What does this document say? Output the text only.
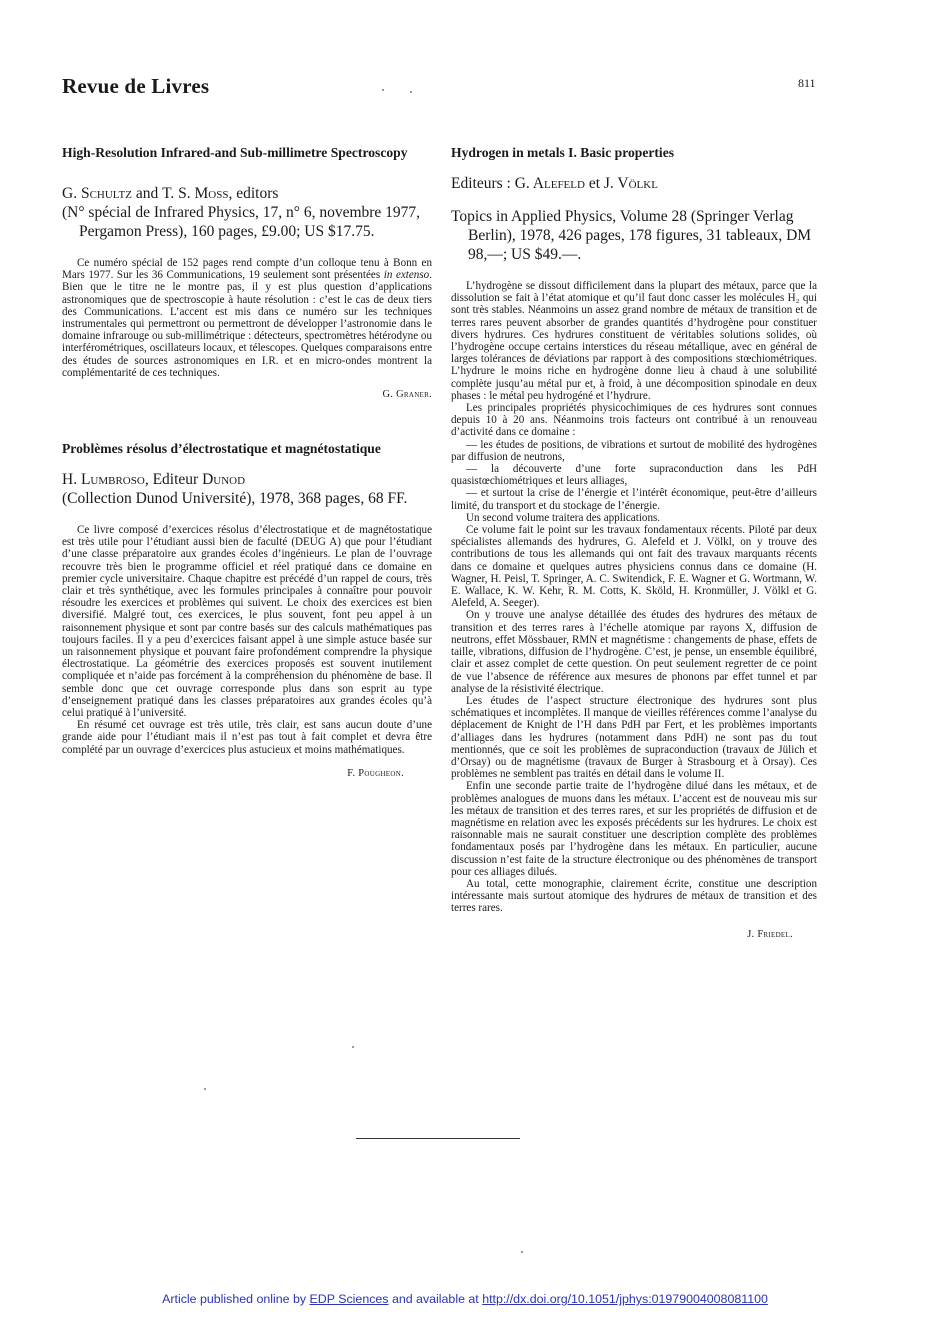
Revue de Livres	811
High-Resolution Infrared-and Sub-millimetre Spectroscopy
G. Schultz and T. S. Moss, editors
(N° spécial de Infrared Physics, 17, n° 6, novembre 1977, Pergamon Press), 160 pages, £9.00; US $17.75.

Ce numéro spécial de 152 pages rend compte d’un colloque tenu à Bonn en Mars 1977. Sur les 36 Communications, 19 seulement sont présentées in extenso. Bien que le titre ne le montre pas, il y est plus question d’applications astronomiques que de spectroscopie à haute résolution : c’est le cas de deux tiers des Communications. L’accent est mis dans ce numéro sur les techniques instrumentales qui permettront ou permettront de développer l’astronomie dans le domaine infrarouge ou sub-millimétrique : détecteurs, spectromètres hétérodyne ou interférométriques, oscillateurs locaux, et télescopes. Quelques comparaisons entre des études de sources astronomiques en I.R. et en micro-ondes montrent la complémentarité de ces techniques.

G. Graner.
Problèmes résolus d’électrostatique et magnétostatique
H. Lumbroso, Editeur Dunod
(Collection Dunod Université), 1978, 368 pages, 68 FF.

Ce livre composé d’exercices résolus d’électrostatique et de magnétostatique est très utile pour l’étudiant aussi bien de faculté (DEUG A) que pour l’étudiant d’une classe préparatoire aux grandes écoles d’ingénieurs. Le plan de l’ouvrage recouvre très bien le programme officiel et réel pratiqué dans ce domaine en premier cycle universitaire. Chaque chapitre est précédé d’un rappel de cours, très clair et très synthétique, avec les formules principales à connaître pour pouvoir résoudre les exercices et problèmes qui suivent. Le choix des exercices est bien diversifié. Malgré tout, ces exercices, le plus souvent, font peu appel à un raisonnement physique et sont par contre basés sur des calculs mathématiques pas toujours faciles. Il y a peu d’exercices faisant appel à une simple astuce basée sur un raisonnement physique et pouvant faire profondément comprendre la physique électrostatique. La géométrie des exercices proposés est souvent inutilement compliquée et n’aide pas forcément à la compréhension du phénomène de base. Il semble donc que cet ouvrage corresponde plus dans son esprit au type d’enseignement pratiqué dans les classes préparatoires aux grandes écoles qu’à celui pratiqué à l’université.

En résumé cet ouvrage est très utile, très clair, est sans aucun doute d’une grande aide pour l’étudiant mais il n’est pas tout à fait complet et devra être complété par un ouvrage d’exercices plus astucieux et moins mathématiques.

F. Pougheon.
Hydrogen in metals I. Basic properties
Editeurs : G. Alefeld et J. Völkl
Topics in Applied Physics, Volume 28 (Springer Verlag Berlin), 1978, 426 pages, 178 figures, 31 tableaux, DM 98,—; US $49.—.

L’hydrogène se dissout difficilement dans la plupart des métaux, parce que la dissolution se fait à l’état atomique et qu’il faut donc casser les molécules H₂ qui sont très stables. Néanmoins un assez grand nombre de métaux de transition et de terres rares peuvent absorber de grandes quantités d’hydrogène pour constituer divers hydrures. Ces hydrures constituent de véritables solutions solides, où l’hydrogène occupe certains interstices du réseau métallique, avec en général de larges tolérances de déviations par rapport à des compositions stœchiométriques. L’hydrure le moins riche en hydrogène donne lieu à chaud à une solubilité complète jusqu’au métal pur et, à froid, à une décomposition spinodale en deux phases : le métal peu hydrogéné et l’hydrure.

Les principales propriétés physicochimiques de ces hydrures sont connues depuis 10 à 20 ans. Néanmoins trois facteurs ont contribué à un renouveau d’activité dans ce domaine :

— les études de positions, de vibrations et surtout de mobilité des hydrogènes par diffusion de neutrons,

— la découverte d’une forte supraconduction dans les PdH quasistœchiométriques et leurs alliages,

— et surtout la crise de l’énergie et l’intérêt économique, peut-être d’ailleurs limité, du transport et du stockage de l’énergie.

Un second volume traitera des applications.

Ce volume fait le point sur les travaux fondamentaux récents. Piloté par deux spécialistes allemands des hydrures, G. Alefeld et J. Völkl, on y trouve des contributions de tous les allemands qui ont fait des travaux marquants récents dans ce domaine et quelques autres physiciens connus dans ce domaine (H. Wagner, H. Peisl, T. Springer, A. C. Switendick, F. E. Wagner et G. Wortmann, W. E. Wallace, K. W. Kehr, R. M. Cotts, K. Sköld, H. Kronmüller, J. Völkl et G. Alefeld, A. Seeger).

On y trouve une analyse détaillée des études des hydrures des métaux de transition et des terres rares à l’échelle atomique par rayons X, diffusion de neutrons, effet Mössbauer, RMN et magnétisme : changements de phase, effets de taille, vibrations, diffusion de l’hydrogène. C’est, je pense, un ensemble équilibré, clair et assez complet de cette question. On peut seulement regretter de ce point de vue l’absence de référence aux mesures de phonons par effet tunnel et par analyse de la résistivité électrique.

Les études de l’aspect structure électronique des hydrures sont plus schématiques et incomplètes. Il manque de vieilles références comme l’analyse du déplacement de Knight de l’H dans PdH par Fert, et les problèmes importants d’alliages dans les hydrures (notamment dans PdH) ne sont pas du tout mentionnés, que ce soit les problèmes de supraconduction (travaux de Jülich et d’Orsay) ou de magnétisme (travaux de Burger à Strasbourg et à Orsay). Ces problèmes ne semblent pas traités en détail dans le volume II.

Enfin une seconde partie traite de l’hydrogène dilué dans les métaux, et de problèmes analogues de muons dans les métaux. L’accent est de nouveau mis sur les métaux de transition et des terres rares, et sur les propriétés de diffusion et de magnétisme en relation avec les exposés précédents sur les hydrures. Le choix est raisonnable mais ne saurait constituer une description complète des problèmes fondamentaux posés par l’hydrogène dans les métaux. En particulier, aucune discussion n’est faite de la structure électronique ou des phénomènes de transport pour ces alliages dilués.

Au total, cette monographie, clairement écrite, constitue une description intéressante mais surtout atomique des hydrures de métaux de transition et des terres rares.

J. Friedel.
Article published online by EDP Sciences and available at http://dx.doi.org/10.1051/jphys:01979004008081100
